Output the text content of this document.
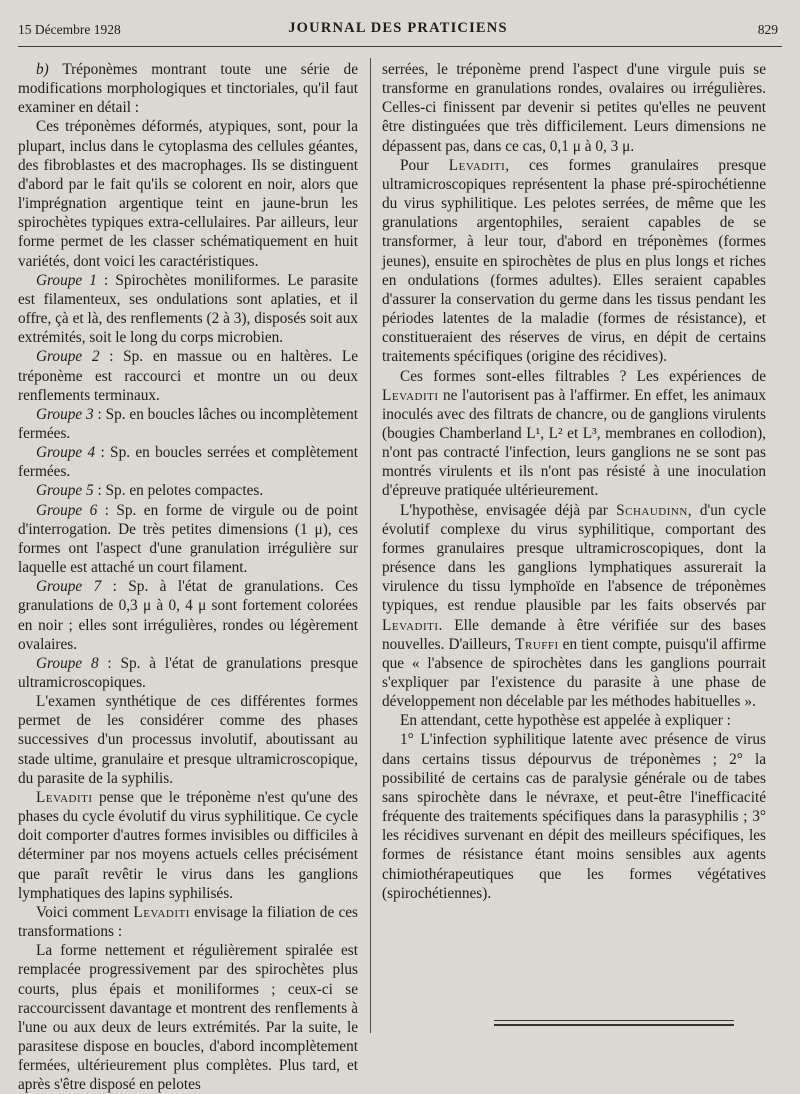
15 Décembre 1928	JOURNAL DES PRATICIENS	829

b) Tréponèmes montrant toute une série de modifications morphologiques et tinctoriales, qu'il faut examiner en détail :

Ces tréponèmes déformés, atypiques, sont, pour la plupart, inclus dans le cytoplasma des cellules géantes, des fibroblastes et des macrophages. Ils se distinguent d'abord par le fait qu'ils se colorent en noir, alors que l'imprégnation argentique teint en jaune-brun les spirochètes typiques extra-cellulaires. Par ailleurs, leur forme permet de les classer schématiquement en huit variétés, dont voici les caractéristiques.

Groupe 1 : Spirochètes moniliformes. Le parasite est filamenteux, ses ondulations sont aplaties, et il offre, çà et là, des renflements (2 à 3), disposés soit aux extrémités, soit le long du corps microbien.

Groupe 2 : Sp. en massue ou en haltères. Le tréponème est raccourci et montre un ou deux renflements terminaux.

Groupe 3 : Sp. en boucles lâches ou incomplètement fermées.

Groupe 4 : Sp. en boucles serrées et complètement fermées.

Groupe 5 : Sp. en pelotes compactes.

Groupe 6 : Sp. en forme de virgule ou de point d'interrogation. De très petites dimensions (1 μ), ces formes ont l'aspect d'une granulation irrégulière sur laquelle est attaché un court filament.

Groupe 7 : Sp. à l'état de granulations. Ces granulations de 0,3 μ à 0, 4 μ sont fortement colorées en noir ; elles sont irrégulières, rondes ou légèrement ovalaires.

Groupe 8 : Sp. à l'état de granulations presque ultramicroscopiques.

L'examen synthétique de ces différentes formes permet de les considérer comme des phases successives d'un processus involutif, aboutissant au stade ultime, granulaire et presque ultramicroscopique, du parasite de la syphilis.

Levaditi pense que le tréponème n'est qu'une des phases du cycle évolutif du virus syphilitique. Ce cycle doit comporter d'autres formes invisibles ou difficiles à déterminer par nos moyens actuels celles précisément que paraît revêtir le virus dans les ganglions lymphatiques des lapins syphilisés.

Voici comment Levaditi envisage la filiation de ces transformations :

La forme nettement et régulièrement spiralée est remplacée progressivement par des spirochètes plus courts, plus épais et moniliformes ; ceux-ci se raccourcissent davantage et montrent des renflements à l'une ou aux deux de leurs extrémités. Par la suite, le parasitese dispose en boucles, d'abord incomplètement fermées, ultérieurement plus complètes. Plus tard, et après s'être disposé en pelotes

serrées, le tréponème prend l'aspect d'une virgule puis se transforme en granulations rondes, ovalaires ou irrégulières. Celles-ci finissent par devenir si petites qu'elles ne peuvent être distinguées que très difficilement. Leurs dimensions ne dépassent pas, dans ce cas, 0,1 μ à 0, 3 μ.

Pour Levaditi, ces formes granulaires presque ultramicroscopiques représentent la phase pré-spirochétienne du virus syphilitique. Les pelotes serrées, de même que les granulations argentophiles, seraient capables de se transformer, à leur tour, d'abord en tréponèmes (formes jeunes), ensuite en spirochètes de plus en plus longs et riches en ondulations (formes adultes). Elles seraient capables d'assurer la conservation du germe dans les tissus pendant les périodes latentes de la maladie (formes de résistance), et constitueraient des réserves de virus, en dépit de certains traitements spécifiques (origine des récidives).

Ces formes sont-elles filtrables ? Les expériences de Levaditi ne l'autorisent pas à l'affirmer. En effet, les animaux inoculés avec des filtrats de chancre, ou de ganglions virulents (bougies Chamberland L¹, L² et L³, membranes en collodion), n'ont pas contracté l'infection, leurs ganglions ne se sont pas montrés virulents et ils n'ont pas résisté à une inoculation d'épreuve pratiquée ultérieurement.

L'hypothèse, envisagée déjà par Schaudinn, d'un cycle évolutif complexe du virus syphilitique, comportant des formes granulaires presque ultramicroscopiques, dont la présence dans les ganglions lymphatiques assurerait la virulence du tissu lymphoïde en l'absence de tréponèmes typiques, est rendue plausible par les faits observés par Levaditi. Elle demande à être vérifiée sur des bases nouvelles. D'ailleurs, Truffi en tient compte, puisqu'il affirme que « l'absence de spirochètes dans les ganglions pourrait s'expliquer par l'existence du parasite à une phase de développement non décelable par les méthodes habituelles ».

En attendant, cette hypothèse est appelée à expliquer :

1° L'infection syphilitique latente avec présence de virus dans certains tissus dépourvus de tréponèmes ; 2° la possibilité de certains cas de paralysie générale ou de tabes sans spirochète dans le névraxe, et peut-être l'inefficacité fréquente des traitements spécifiques dans la parasyphilis ; 3° les récidives survenant en dépit des meilleurs spécifiques, les formes de résistance étant moins sensibles aux agents chimiothérapeutiques que les formes végétatives (spirochétiennes).
